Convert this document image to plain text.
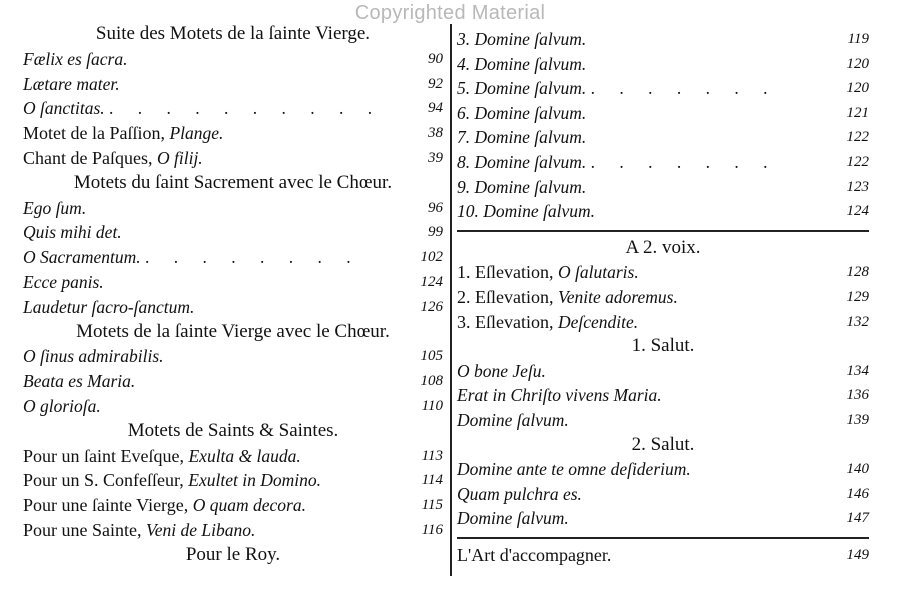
Copyrighted Material
Suite des Motets de la ſainte Vierge.
Fælix es ſacra.	90
Lætare mater.	92
O ſanctitas. . . . . . . . . . .	94
Motet de la Paſſion, Plange.	38
Chant de Paſques, O filij.	39
Motets du ſaint Sacrement avec le Chœur.
Ego ſum.	96
Quis mihi det.	99
O Sacramentum. . . . . . . . .	102
Ecce panis.	124
Laudetur ſacro-ſanctum.	126
Motets de la ſainte Vierge avec le Chœur.
O ſinus admirabilis.	105
Beata es Maria.	108
O glorioſa.	110
Motets de Saints & Saintes.
Pour un ſaint Eveſque, Exulta & lauda.	113
Pour un S. Confeſſeur, Exultet in Domino.	114
Pour une ſainte Vierge, O quam decora.	115
Pour une Sainte, Veni de Libano.	116
Pour le Roy.
3. Domine ſalvum.	119
4. Domine ſalvum.	120
5. Domine ſalvum. . . . . . . .	120
6. Domine ſalvum.	121
7. Domine ſalvum.	122
8. Domine ſalvum. . . . . . . .	122
9. Domine ſalvum.	123
10. Domine ſalvum.	124
A 2. voix.
1. Eſlevation, O ſalutaris.	128
2. Eſlevation, Venite adoremus.	129
3. Eſlevation, Deſcendite.	132
1. Salut.
O bone Jeſu.	134
Erat in Chriſto vivens Maria.	136
Domine ſalvum.	139
2. Salut.
Domine ante te omne deſiderium.	140
Quam pulchra es.	146
Domine ſalvum.	147
L'Art d'accompagner.	149
